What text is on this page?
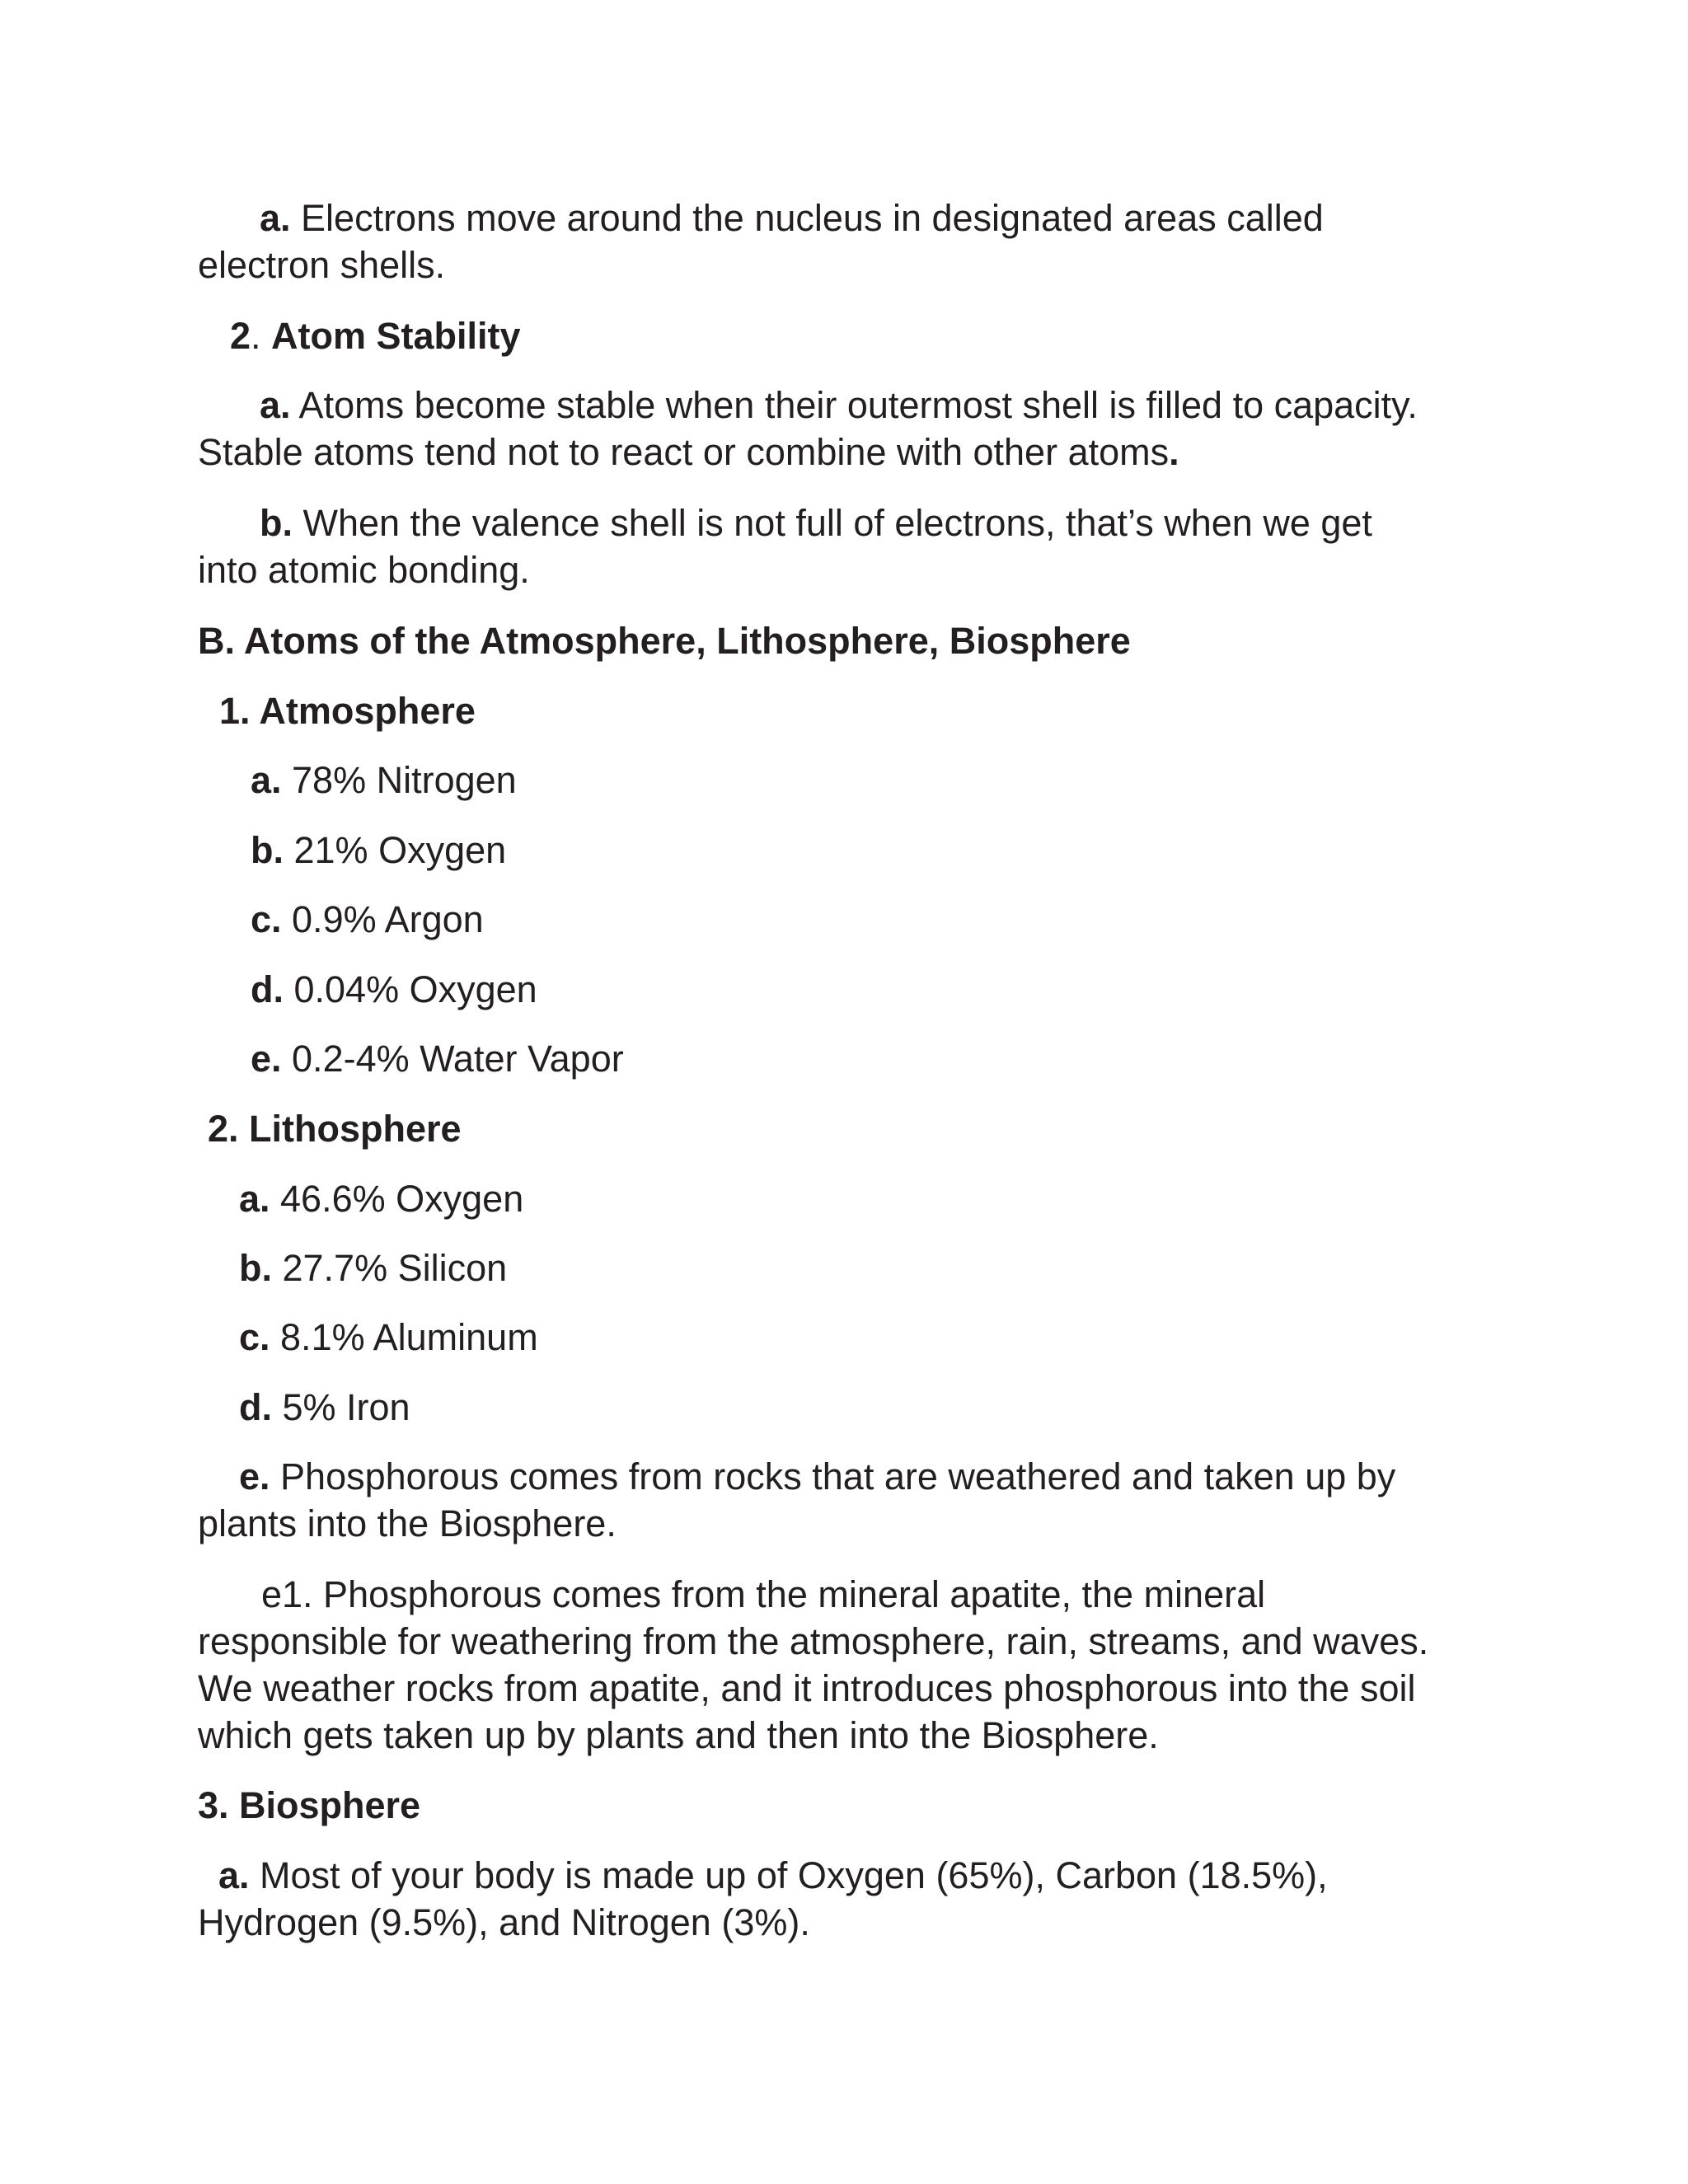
a. Electrons move around the nucleus in designated areas called
electron shells.
2. Atom Stability
a. Atoms become stable when their outermost shell is filled to capacity.
Stable atoms tend not to react or combine with other atoms.
b. When the valence shell is not full of electrons, that’s when we get
into atomic bonding.
B. Atoms of the Atmosphere, Lithosphere, Biosphere
1. Atmosphere
a. 78% Nitrogen
b. 21% Oxygen
c. 0.9% Argon
d. 0.04% Oxygen
e. 0.2-4% Water Vapor
2. Lithosphere
a. 46.6% Oxygen
b. 27.7% Silicon
c. 8.1% Aluminum
d. 5% Iron
e. Phosphorous comes from rocks that are weathered and taken up by
plants into the Biosphere.
e1. Phosphorous comes from the mineral apatite, the mineral
responsible for weathering from the atmosphere, rain, streams, and waves.
We weather rocks from apatite, and it introduces phosphorous into the soil
which gets taken up by plants and then into the Biosphere.
3. Biosphere
a. Most of your body is made up of Oxygen (65%), Carbon (18.5%),
Hydrogen (9.5%), and Nitrogen (3%).
